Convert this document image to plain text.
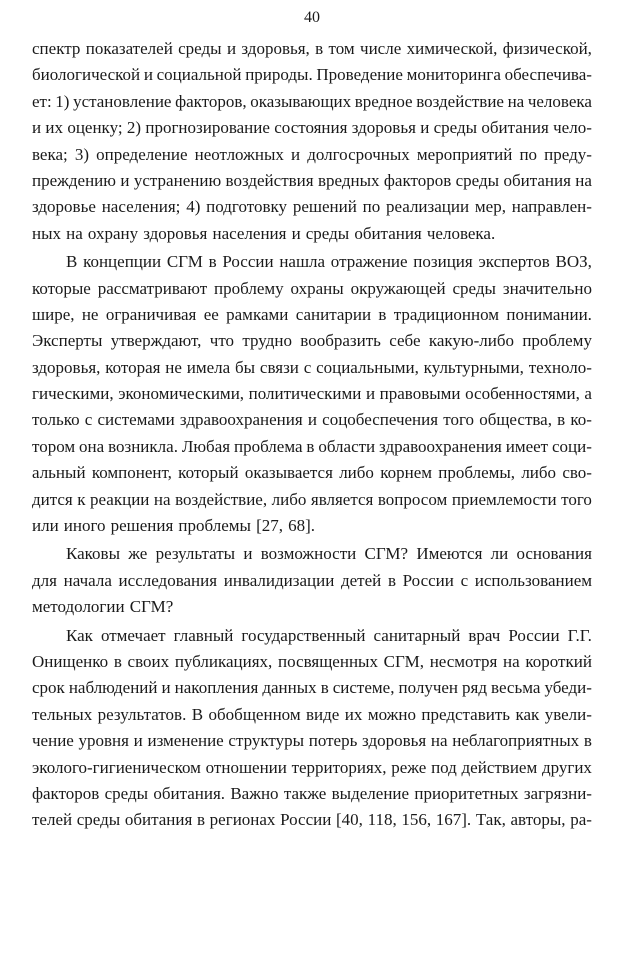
40
спектр показателей среды и здоровья, в том числе химической, физической,
биологической и социальной природы. Проведение мониторинга обеспечива-
ет: 1) установление факторов, оказывающих вредное воздействие на человека
и их оценку; 2) прогнозирование состояния здоровья и среды обитания чело-
века; 3) определение неотложных и долгосрочных мероприятий по преду-
преждению и устранению воздействия вредных факторов среды обитания на
здоровье населения; 4) подготовку решений по реализации мер, направлен-
ных на охрану здоровья населения и среды обитания человека.
В концепции СГМ в России нашла отражение позиция экспертов ВОЗ,
которые рассматривают проблему охраны окружающей среды значительно
шире, не ограничивая ее рамками санитарии в традиционном понимании.
Эксперты утверждают, что трудно вообразить себе какую-либо проблему
здоровья, которая не имела бы связи с социальными, культурными, техноло-
гическими, экономическими, политическими и правовыми особенностями, а
только с системами здравоохранения и соцобеспечения того общества, в ко-
тором она возникла. Любая проблема в области здравоохранения имеет соци-
альный компонент, который оказывается либо корнем проблемы, либо сво-
дится к реакции на воздействие, либо является вопросом приемлемости того
или иного решения проблемы [27, 68].
Каковы же результаты и возможности СГМ? Имеются ли основания
для начала исследования инвалидизации детей в России с использованием
методологии СГМ?
Как отмечает главный государственный санитарный врач России Г.Г.
Онищенко в своих публикациях, посвященных СГМ, несмотря на короткий
срок наблюдений и накопления данных в системе, получен ряд весьма убеди-
тельных результатов. В обобщенном виде их можно представить как увели-
чение уровня и изменение структуры потерь здоровья на неблагоприятных в
эколого-гигиеническом отношении территориях, реже под действием других
факторов среды обитания. Важно также выделение приоритетных загрязни-
телей среды обитания в регионах России [40, 118, 156, 167]. Так, авторы, ра-
